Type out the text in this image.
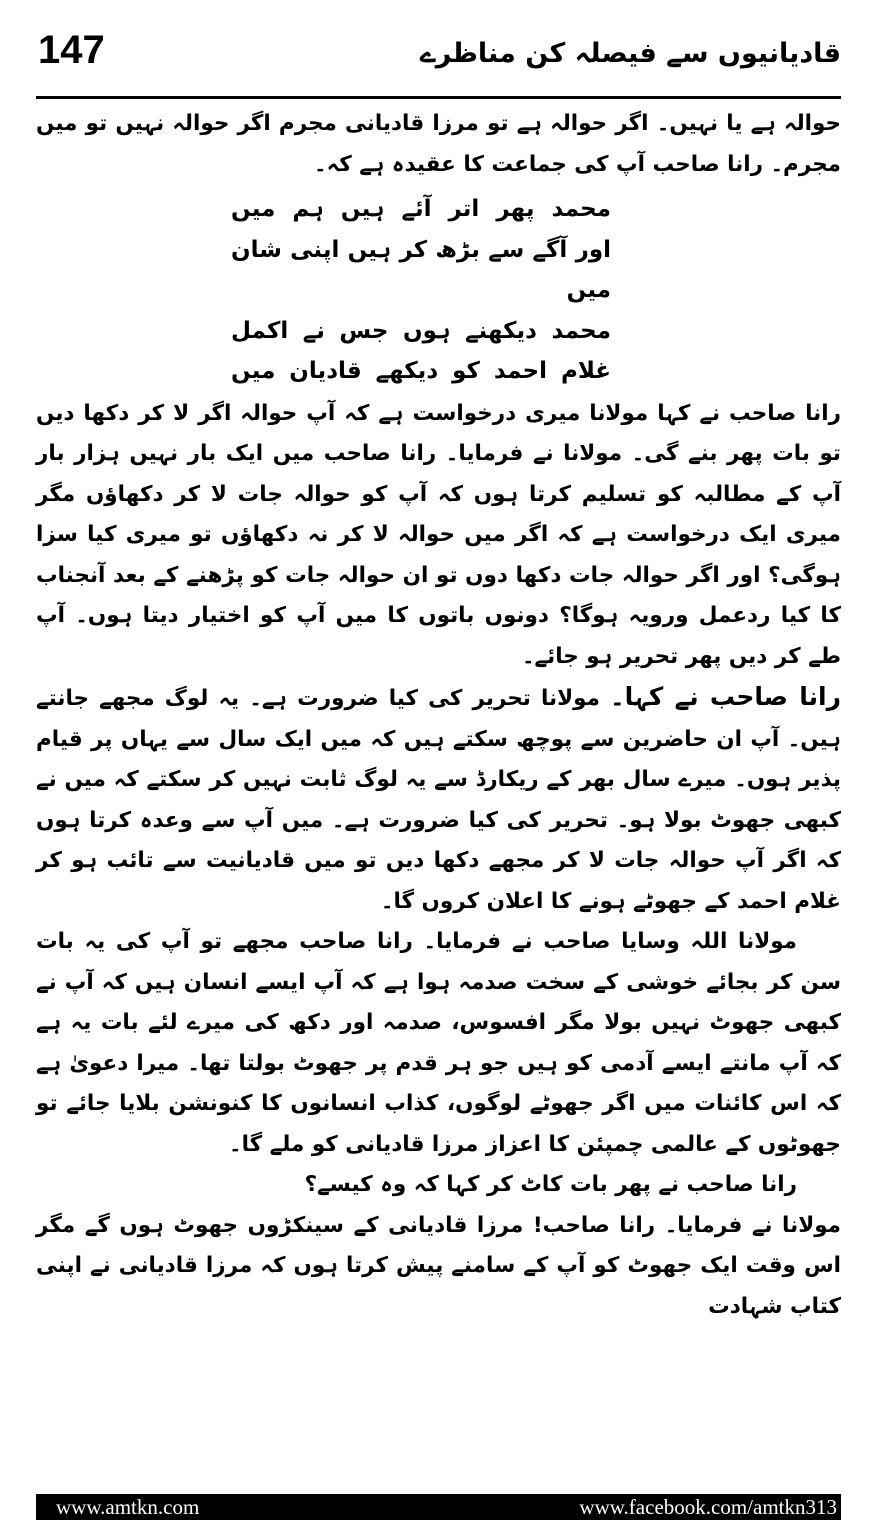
147	قادیانیوں سے فیصلہ کن مناظرے

حوالہ ہے یا نہیں۔ اگر حوالہ ہے تو مرزا قادیانی مجرم اگر حوالہ نہیں تو میں مجرم۔ رانا صاحب آپ کی جماعت کا عقیدہ ہے کہ۔

محمد پھر اتر آئے ہیں ہم میں
اور آگے سے بڑھ کر ہیں اپنی شان میں
محمد دیکھنے ہوں جس نے اکمل
غلام احمد کو دیکھے قادیان میں

رانا صاحب نے کہا مولانا میری درخواست ہے کہ آپ حوالہ اگر لا کر دکھا دیں تو بات پھر بنے گی۔ مولانا نے فرمایا۔ رانا صاحب میں ایک بار نہیں ہزار بار آپ کے مطالبہ کو تسلیم کرتا ہوں کہ آپ کو حوالہ جات لا کر دکھاؤں مگر میری ایک درخواست ہے کہ اگر میں حوالہ لا کر نہ دکھاؤں تو میری کیا سزا ہوگی؟ اور اگر حوالہ جات دکھا دوں تو ان حوالہ جات کو پڑھنے کے بعد آنجناب کا کیا ردعمل ورویہ ہوگا؟ دونوں باتوں کا میں آپ کو اختیار دیتا ہوں۔ آپ طے کر دیں پھر تحریر ہو جائے۔

رانا صاحب نے کہا۔ مولانا تحریر کی کیا ضرورت ہے۔ یہ لوگ مجھے جانتے ہیں۔ آپ ان حاضرین سے پوچھ سکتے ہیں کہ میں ایک سال سے یہاں پر قیام پذیر ہوں۔ میرے سال بھر کے ریکارڈ سے یہ لوگ ثابت نہیں کر سکتے کہ میں نے کبھی جھوٹ بولا ہو۔ تحریر کی کیا ضرورت ہے۔ میں آپ سے وعدہ کرتا ہوں کہ اگر آپ حوالہ جات لا کر مجھے دکھا دیں تو میں قادیانیت سے تائب ہو کر غلام احمد کے جھوٹے ہونے کا اعلان کروں گا۔

مولانا اللہ وسایا صاحب نے فرمایا۔ رانا صاحب مجھے تو آپ کی یہ بات سن کر بجائے خوشی کے سخت صدمہ ہوا ہے کہ آپ ایسے انسان ہیں کہ آپ نے کبھی جھوٹ نہیں بولا مگر افسوس، صدمہ اور دکھ کی میرے لئے بات یہ ہے کہ آپ مانتے ایسے آدمی کو ہیں جو ہر قدم پر جھوٹ بولتا تھا۔ میرا دعویٰ ہے کہ اس کائنات میں اگر جھوٹے لوگوں، کذاب انسانوں کا کنونشن بلایا جائے تو جھوٹوں کے عالمی چمپئن کا اعزاز مرزا قادیانی کو ملے گا۔

رانا صاحب نے پھر بات کاٹ کر کہا کہ وہ کیسے؟

مولانا نے فرمایا۔ رانا صاحب! مرزا قادیانی کے سینکڑوں جھوٹ ہوں گے مگر اس وقت ایک جھوٹ کو آپ کے سامنے پیش کرتا ہوں کہ مرزا قادیانی نے اپنی کتاب شہادت

www.amtkn.com	www.facebook.com/amtkn313
